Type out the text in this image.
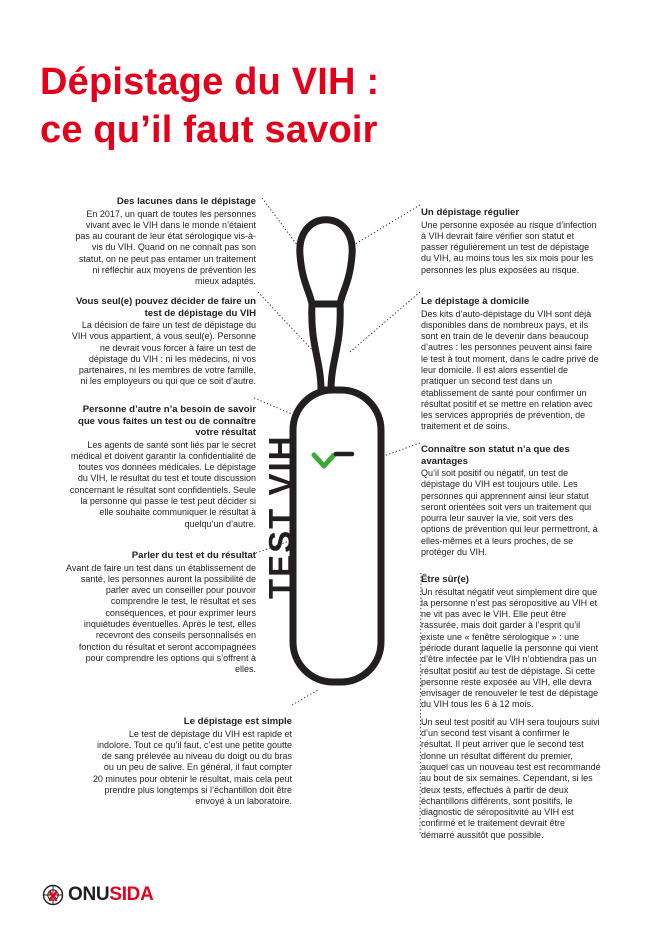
Dépistage du VIH :
ce qu’il faut savoir
TEST VIH
Des lacunes dans le dépistage

En 2017, un quart de toutes les personnes vivant avec le VIH dans le monde n’étaient pas au courant de leur état sérologique vis-à-vis du VIH. Quand on ne connaît pas son statut, on ne peut pas entamer un traitement ni réfléchir aux moyens de prévention les mieux adaptés.

Vous seul(e) pouvez décider de faire un test de dépistage du VIH

La décision de faire un test de dépistage du VIH vous appartient, à vous seul(e). Personne ne devrait vous forcer à faire un test de dépistage du VIH : ni les médecins, ni vos partenaires, ni les membres de votre famille, ni les employeurs ou qui que ce soit d’autre.

Personne d’autre n’a besoin de savoir que vous faites un test ou de connaître votre résultat

Les agents de santé sont liés par le secret médical et doivent garantir la confidentialité de toutes vos données médicales. Le dépistage du VIH, le résultat du test et toute discussion concernant le résultat sont confidentiels. Seule la personne qui passe le test peut décider si elle souhaite communiquer le résultat à quelqu’un d’autre.

Parler du test et du résultat

Avant de faire un test dans un établissement de santé, les personnes auront la possibilité de parler avec un conseiller pour pouvoir comprendre le test, le résultat et ses conséquences, et pour exprimer leurs inquiétudes éventuelles. Après le test, elles recevront des conseils personnalisés en fonction du résultat et seront accompagnées pour comprendre les options qui s’offrent à elles.

Le dépistage est simple

Le test de dépistage du VIH est rapide et indolore. Tout ce qu’il faut, c’est une petite goutte de sang prélevée au niveau du doigt ou du bras ou un peu de salive. En général, il faut compter 20 minutes pour obtenir le résultat, mais cela peut prendre plus longtemps si l’échantillon doit être envoyé à un laboratoire.

Un dépistage régulier

Une personne exposée au risque d’infection à VIH devrait faire vérifier son statut et passer régulièrement un test de dépistage du VIH, au moins tous les six mois pour les personnes les plus exposées au risque.

Le dépistage à domicile

Des kits d’auto-dépistage du VIH sont déjà disponibles dans de nombreux pays, et ils sont en train de le devenir dans beaucoup d’autres : les personnes peuvent ainsi faire le test à tout moment, dans le cadre privé de leur domicile. Il est alors essentiel de pratiquer un second test dans un établissement de santé pour confirmer un résultat positif et se mettre en relation avec les services appropriés de prévention, de traitement et de soins.

Connaître son statut n’a que des avantages

Qu’il soit positif ou négatif, un test de dépistage du VIH est toujours utile. Les personnes qui apprennent ainsi leur statut seront orientées soit vers un traitement qui pourra leur sauver la vie, soit vers des options de prévention qui leur permettront, à elles-mêmes et à leurs proches, de se protéger du VIH.

Être sûr(e)

Un résultat négatif veut simplement dire que la personne n’est pas séropositive au VIH et ne vit pas avec le VIH. Elle peut être rassurée, mais doit garder à l’esprit qu’il existe une « fenêtre sérologique » : une période durant laquelle la personne qui vient d’être infectée par le VIH n’obtiendra pas un résultat positif au test de dépistage. Si cette personne reste exposée au VIH, elle devra envisager de renouveler le test de dépistage du VIH tous les 6 à 12 mois.

Un seul test positif au VIH sera toujours suivi d’un second test visant à confirmer le résultat. Il peut arriver que le second test donne un résultat différent du premier, auquel cas un nouveau test est recommandé au bout de six semaines. Cependant, si les deux tests, effectués à partir de deux échantillons différents, sont positifs, le diagnostic de séropositivité au VIH est confirmé et le traitement devrait être démarré aussitôt que possible.

ONUSIDA
